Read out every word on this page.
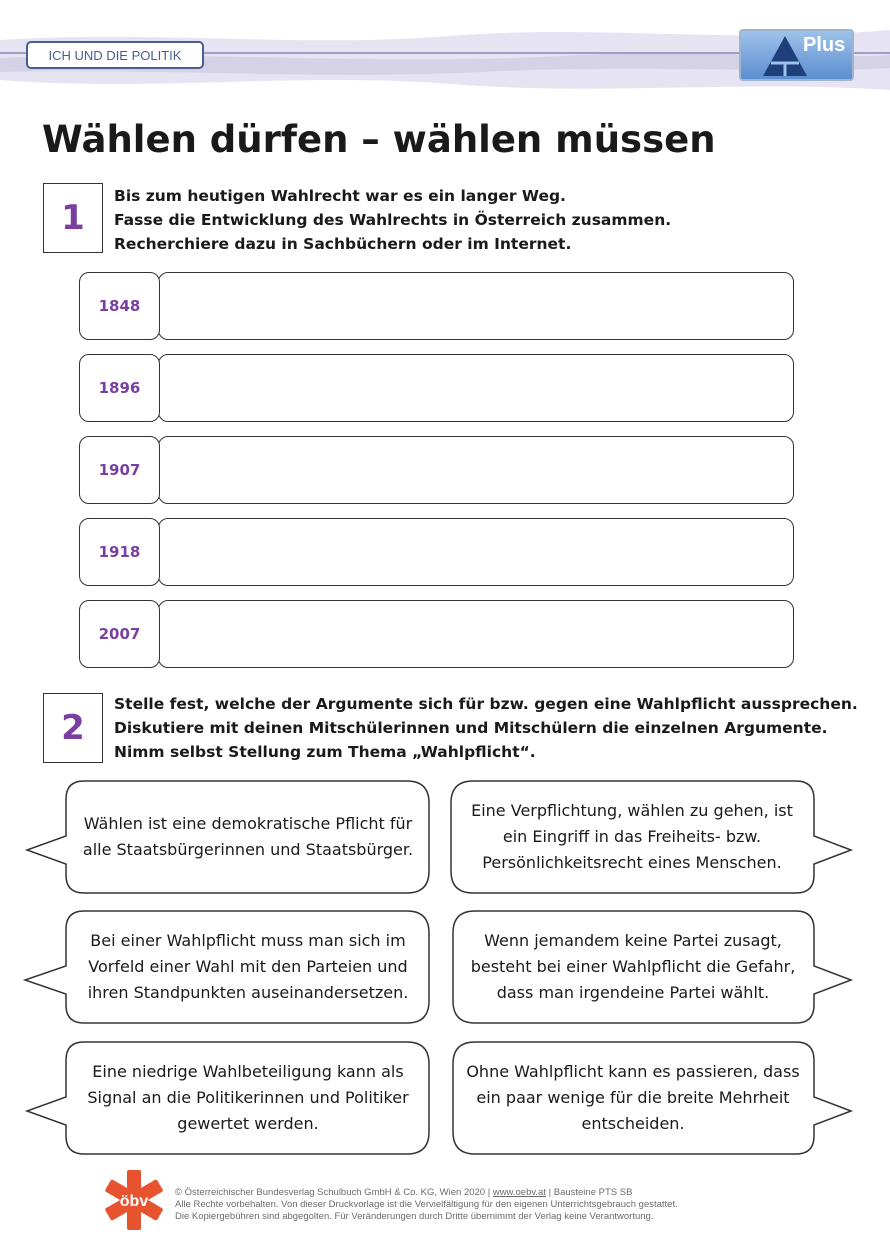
ICH UND DIE POLITIK	Plus
Wählen dürfen – wählen müssen
1
Bis zum heutigen Wahlrecht war es ein langer Weg.
Fasse die Entwicklung des Wahlrechts in Österreich zusammen.
Recherchiere dazu in Sachbüchern oder im Internet.
1848
1896
1907
1918
2007
2
Stelle fest, welche der Argumente sich für bzw. gegen eine Wahlpflicht aussprechen.
Diskutiere mit deinen Mitschülerinnen und Mitschülern die einzelnen Argumente.
Nimm selbst Stellung zum Thema „Wahlpflicht“.
Wählen ist eine demokratische Pflicht für
alle Staatsbürgerinnen und Staatsbürger.
Bei einer Wahlpflicht muss man sich im
Vorfeld einer Wahl mit den Parteien und
ihren Standpunkten auseinandersetzen.
Eine niedrige Wahlbeteiligung kann als
Signal an die Politikerinnen und Politiker
gewertet werden.
Eine Verpflichtung, wählen zu gehen, ist
ein Eingriff in das Freiheits- bzw.
Persönlichkeitsrecht eines Menschen.
Wenn jemandem keine Partei zusagt,
besteht bei einer Wahlpflicht die Gefahr,
dass man irgendeine Partei wählt.
Ohne Wahlpflicht kann es passieren, dass
ein paar wenige für die breite Mehrheit
entscheiden.
öbv
© Österreichischer Bundesverlag Schulbuch GmbH & Co. KG, Wien 2020 | www.oebv.at | Bausteine PTS SB
Alle Rechte vorbehalten. Von dieser Druckvorlage ist die Vervielfältigung für den eigenen Unterrichtsgebrauch gestattet.
Die Kopiergebühren sind abgegolten. Für Veränderungen durch Dritte übernimmt der Verlag keine Verantwortung.
